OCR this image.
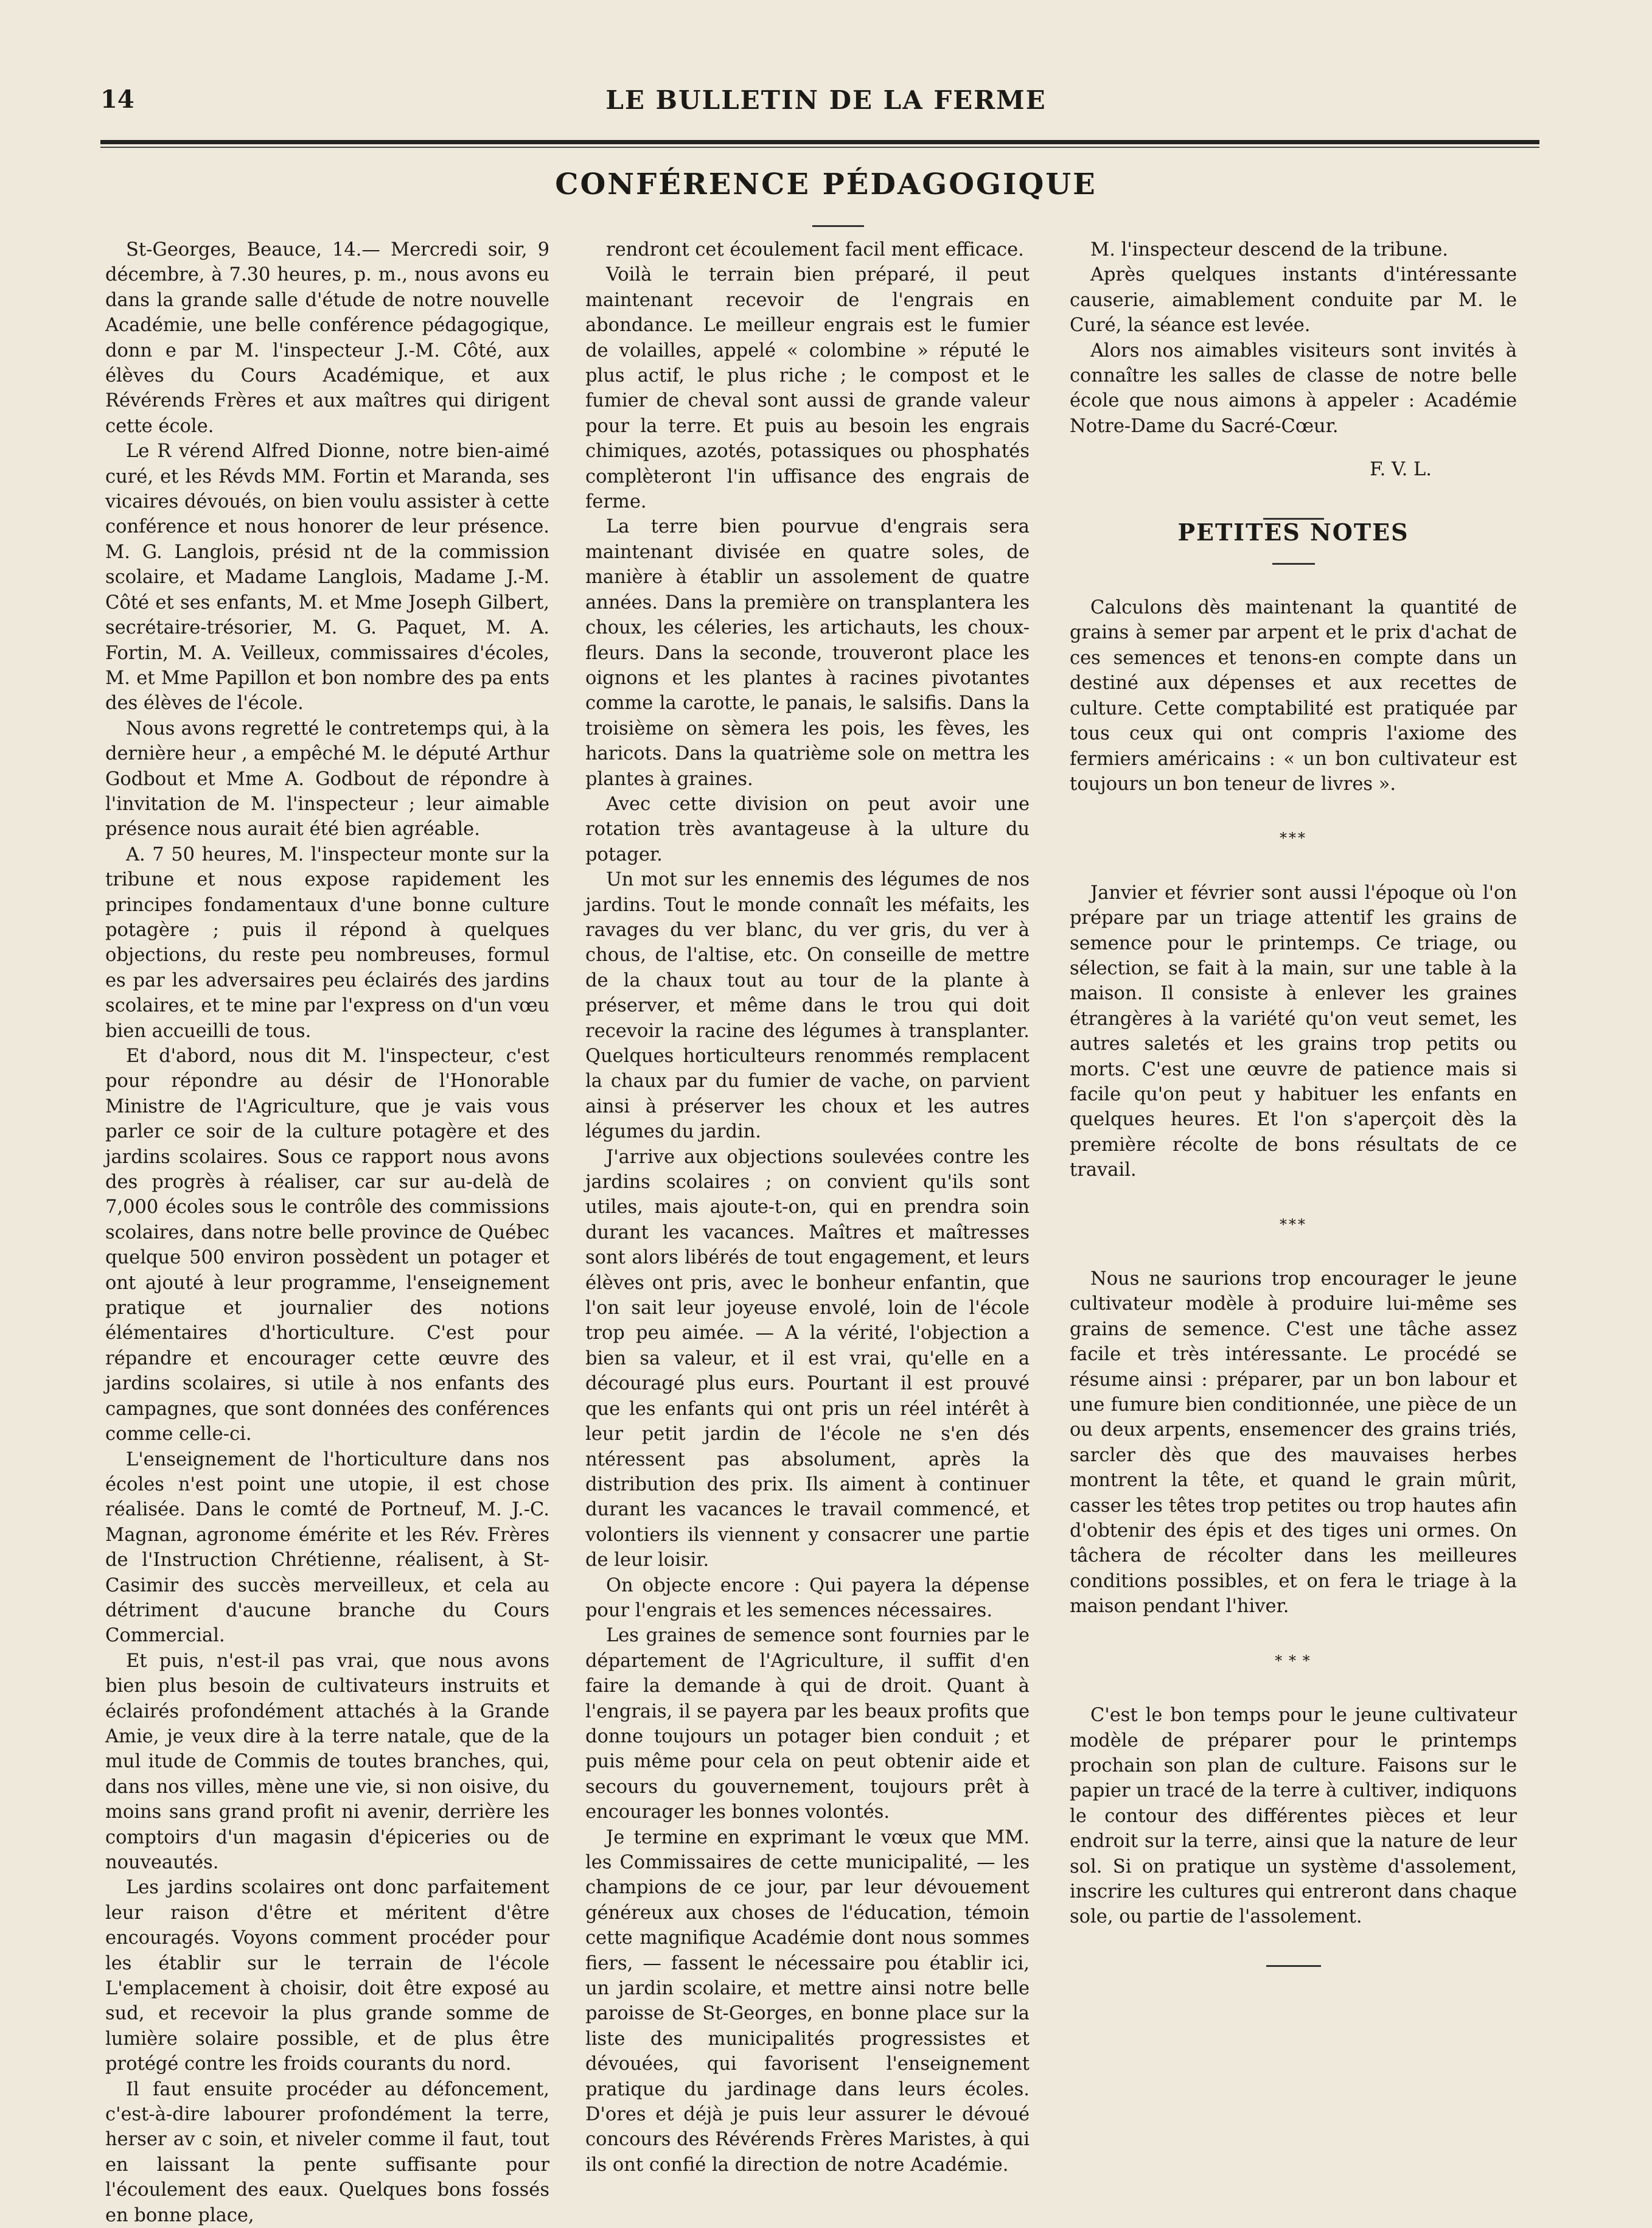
14	LE BULLETIN DE LA FERME
CONFÉRENCE PÉDAGOGIQUE

St-Georges, Beauce, 14.— Mercredi soir, 9 décembre, à 7.30 heures, p. m., nous avons eu dans la grande salle d'étude de notre nouvelle Académie, une belle conférence pédagogique, donn e par M. l'inspecteur J.-M. Côté, aux élèves du Cours Académique, et aux Révérends Frères et aux maîtres qui dirigent cette école.

Le R vérend Alfred Dionne, notre bien-aimé curé, et les Révds MM. Fortin et Maranda, ses vicaires dévoués, on bien voulu assister à cette conférence et nous honorer de leur présence. M. G. Langlois, présid nt de la commission scolaire, et Madame Langlois, Madame J.-M. Côté et ses enfants, M. et Mme Joseph Gilbert, secrétaire-trésorier, M. G. Paquet, M. A. Fortin, M. A. Veilleux, commissaires d'écoles, M. et Mme Papillon et bon nombre des pa ents des élèves de l'école.

Nous avons regretté le contretemps qui, à la dernière heur , a empêché M. le député Arthur Godbout et Mme A. Godbout de répondre à l'invitation de M. l'inspecteur ; leur aimable présence nous aurait été bien agréable.

A. 7 50 heures, M. l'inspecteur monte sur la tribune et nous expose rapidement les principes fondamentaux d'une bonne culture potagère ; puis il répond à quelques objections, du reste peu nombreuses, formul es par les adversaires peu éclairés des jardins scolaires, et te mine par l'express on d'un vœu bien accueilli de tous.

Et d'abord, nous dit M. l'inspecteur, c'est pour répondre au désir de l'Honorable Ministre de l'Agriculture, que je vais vous parler ce soir de la culture potagère et des jardins scolaires. Sous ce rapport nous avons des progrès à réaliser, car sur au-delà de 7,000 écoles sous le contrôle des commissions scolaires, dans notre belle province de Québec quelque 500 environ possèdent un potager et ont ajouté à leur programme, l'enseignement pratique et journalier des notions élémentaires d'horticulture. C'est pour répandre et encourager cette œuvre des jardins scolaires, si utile à nos enfants des campagnes, que sont données des conférences comme celle-ci.

L'enseignement de l'horticulture dans nos écoles n'est point une utopie, il est chose réalisée. Dans le comté de Portneuf, M. J.-C. Magnan, agronome émérite et les Rév. Frères de l'Instruction Chrétienne, réalisent, à St-Casimir des succès merveilleux, et cela au détriment d'aucune branche du Cours Commercial.

Et puis, n'est-il pas vrai, que nous avons bien plus besoin de cultivateurs instruits et éclairés profondément attachés à la Grande Amie, je veux dire à la terre natale, que de la mul itude de Commis de toutes branches, qui, dans nos villes, mène une vie, si non oisive, du moins sans grand profit ni avenir, derrière les comptoirs d'un magasin d'épiceries ou de nouveautés.

Les jardins scolaires ont donc parfaitement leur raison d'être et méritent d'être encouragés. Voyons comment procéder pour les établir sur le terrain de l'école L'emplacement à choisir, doit être exposé au sud, et recevoir la plus grande somme de lumière solaire possible, et de plus être protégé contre les froids courants du nord.

Il faut ensuite procéder au défoncement, c'est-à-dire labourer profondément la terre, herser av c soin, et niveler comme il faut, tout en laissant la pente suffisante pour l'écoulement des eaux. Quelques bons fossés en bonne place,

rendront cet écoulement facil ment efficace.

Voilà le terrain bien préparé, il peut maintenant recevoir de l'engrais en abondance. Le meilleur engrais est le fumier de volailles, appelé « colombine » réputé le plus actif, le plus riche ; le compost et le fumier de cheval sont aussi de grande valeur pour la terre. Et puis au besoin les engrais chimiques, azotés, potassiques ou phosphatés complèteront l'in uffisance des engrais de ferme.

La terre bien pourvue d'engrais sera maintenant divisée en quatre soles, de manière à établir un assolement de quatre années. Dans la première on transplantera les choux, les céleries, les artichauts, les choux-fleurs. Dans la seconde, trouveront place les oignons et les plantes à racines pivotantes comme la carotte, le panais, le salsifis. Dans la troisième on sèmera les pois, les fèves, les haricots. Dans la quatrième sole on mettra les plantes à graines.

Avec cette division on peut avoir une rotation très avantageuse à la ulture du potager.

Un mot sur les ennemis des légumes de nos jardins. Tout le monde connaît les méfaits, les ravages du ver blanc, du ver gris, du ver à chous, de l'altise, etc. On conseille de mettre de la chaux tout au tour de la plante à préserver, et même dans le trou qui doit recevoir la racine des légumes à transplanter. Quelques horticulteurs renommés remplacent la chaux par du fumier de vache, on parvient ainsi à préserver les choux et les autres légumes du jardin.

J'arrive aux objections soulevées contre les jardins scolaires ; on convient qu'ils sont utiles, mais ajoute-t-on, qui en prendra soin durant les vacances. Maîtres et maîtresses sont alors libérés de tout engagement, et leurs élèves ont pris, avec le bonheur enfantin, que l'on sait leur joyeuse envolé, loin de l'école trop peu aimée. — A la vérité, l'objection a bien sa valeur, et il est vrai, qu'elle en a découragé plus eurs. Pourtant il est prouvé que les enfants qui ont pris un réel intérêt à leur petit jardin de l'école ne s'en dés ntéressent pas absolument, après la distribution des prix. Ils aiment à continuer durant les vacances le travail commencé, et volontiers ils viennent y consacrer une partie de leur loisir.

On objecte encore : Qui payera la dépense pour l'engrais et les semences nécessaires.

Les graines de semence sont fournies par le département de l'Agriculture, il suffit d'en faire la demande à qui de droit. Quant à l'engrais, il se payera par les beaux profits que donne toujours un potager bien conduit ; et puis même pour cela on peut obtenir aide et secours du gouvernement, toujours prêt à encourager les bonnes volontés.

Je termine en exprimant le vœux que MM. les Commissaires de cette municipalité, — les champions de ce jour, par leur dévouement généreux aux choses de l'éducation, témoin cette magnifique Académie dont nous sommes fiers, — fassent le nécessaire pou établir ici, un jardin scolaire, et mettre ainsi notre belle paroisse de St-Georges, en bonne place sur la liste des municipalités progressistes et dévouées, qui favorisent l'enseignement pratique du jardinage dans leurs écoles. D'ores et déjà je puis leur assurer le dévoué concours des Révérends Frères Maristes, à qui ils ont confié la direction de notre Académie.

M. l'inspecteur descend de la tribune.

Après quelques instants d'intéressante causerie, aimablement conduite par M. le Curé, la séance est levée.

Alors nos aimables visiteurs sont invités à connaître les salles de classe de notre belle école que nous aimons à appeler : Académie Notre-Dame du Sacré-Cœur.

F. V. L.

PETITES NOTES

Calculons dès maintenant la quantité de grains à semer par arpent et le prix d'achat de ces semences et tenons-en compte dans un destiné aux dépenses et aux recettes de culture. Cette comptabilité est pratiquée par tous ceux qui ont compris l'axiome des fermiers américains : « un bon cultivateur est toujours un bon teneur de livres ».

***

Janvier et février sont aussi l'époque où l'on prépare par un triage attentif les grains de semence pour le printemps. Ce triage, ou sélection, se fait à la main, sur une table à la maison. Il consiste à enlever les graines étrangères à la variété qu'on veut semet, les autres saletés et les grains trop petits ou morts. C'est une œuvre de patience mais si facile qu'on peut y habituer les enfants en quelques heures. Et l'on s'aperçoit dès la première récolte de bons résultats de ce travail.

***

Nous ne saurions trop encourager le jeune cultivateur modèle à produire lui-même ses grains de semence. C'est une tâche assez facile et très intéressante. Le procédé se résume ainsi : préparer, par un bon labour et une fumure bien conditionnée, une pièce de un ou deux arpents, ensemencer des grains triés, sarcler dès que des mauvaises herbes montrent la tête, et quand le grain mûrit, casser les têtes trop petites ou trop hautes afin d'obtenir des épis et des tiges uni ormes. On tâchera de récolter dans les meilleures conditions possibles, et on fera le triage à la maison pendant l'hiver.

* * *

C'est le bon temps pour le jeune cultivateur modèle de préparer pour le printemps prochain son plan de culture. Faisons sur le papier un tracé de la terre à cultiver, indiquons le contour des différentes pièces et leur endroit sur la terre, ainsi que la nature de leur sol. Si on pratique un système d'assolement, inscrire les cultures qui entreront dans chaque sole, ou partie de l'assolement.
